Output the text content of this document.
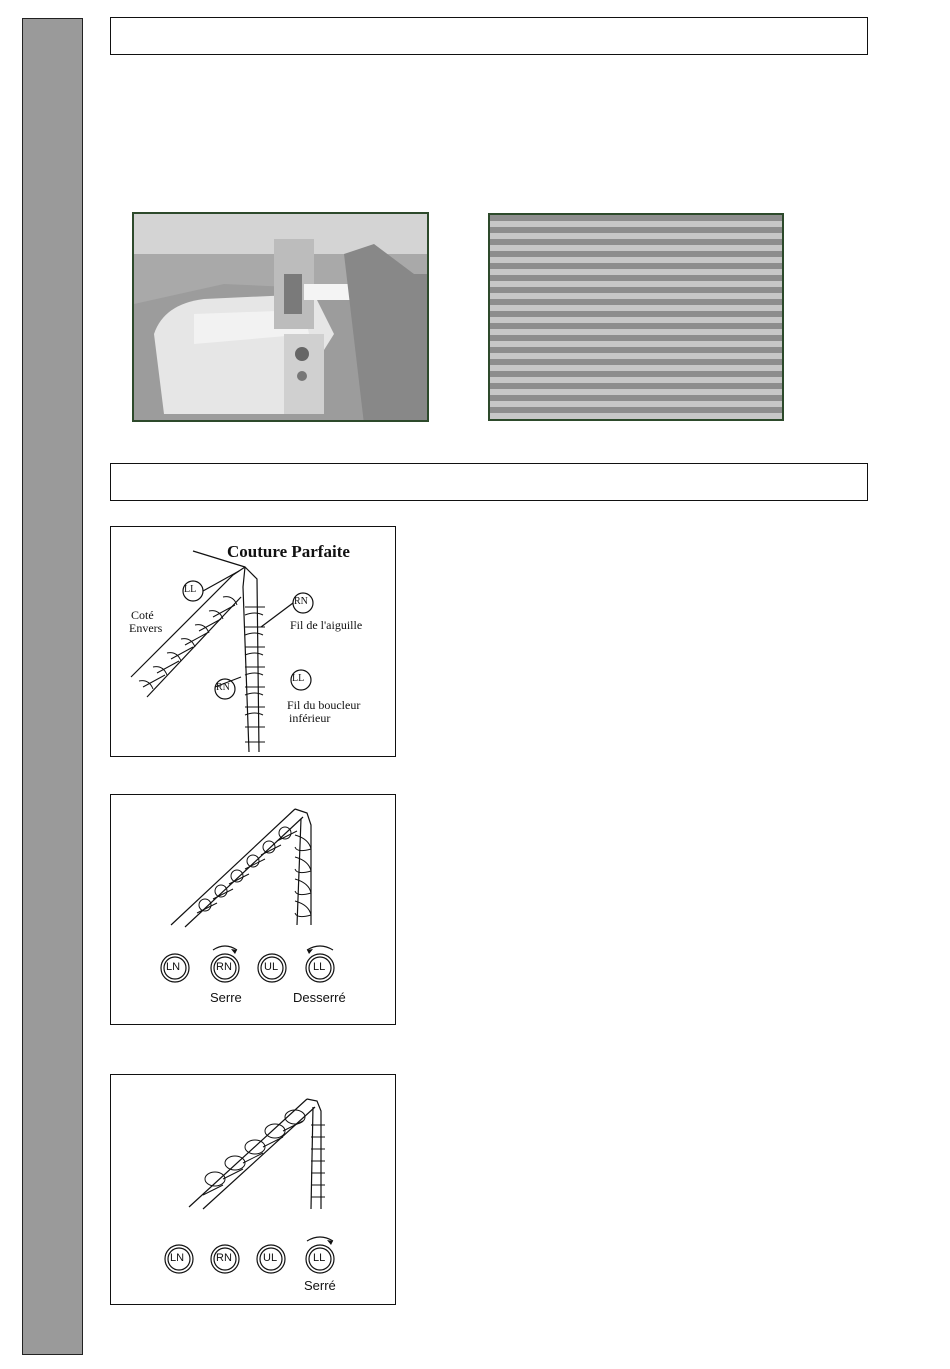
Couture Parfaite
LL
RN
RN
LL
Coté
Envers	Fil de l'aiguille
Fil du boucleur
inférieur
LN	RN	UL	LL
Serre	Desserré
LN	RN	UL	LL
Serré
